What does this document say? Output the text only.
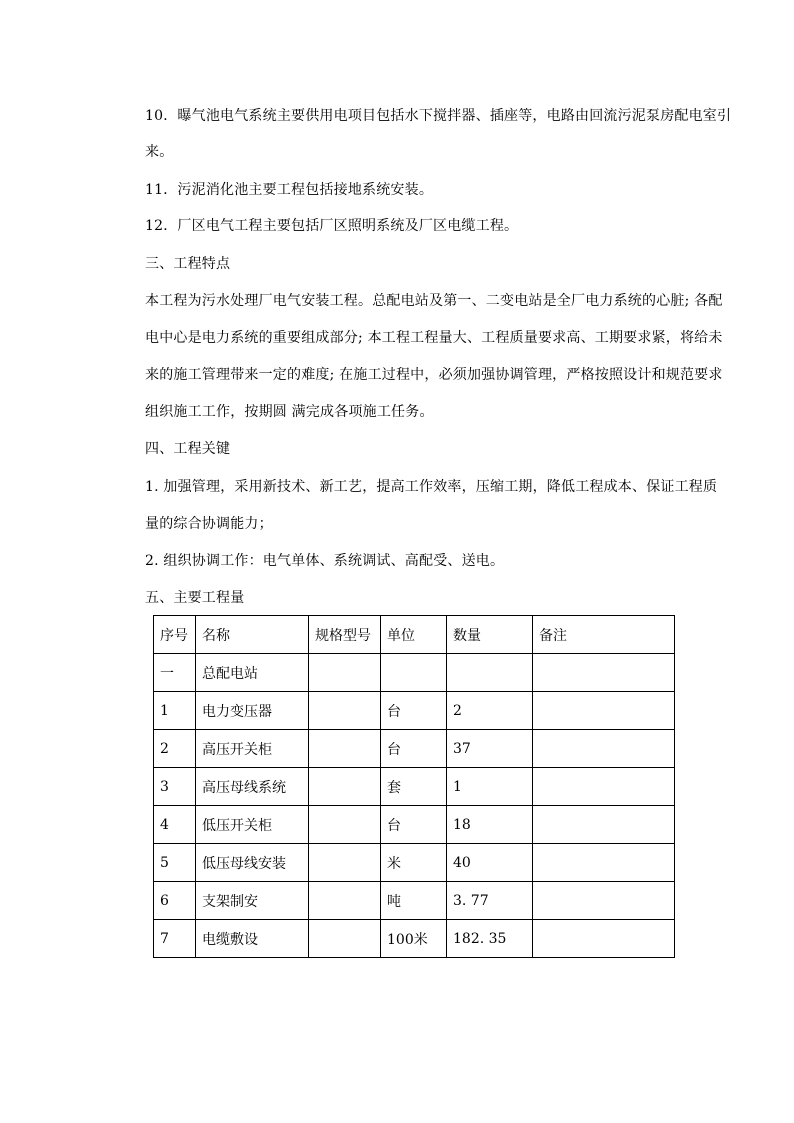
10．曝气池电气系统主要供用电项目包括水下搅拌器、插座等，电路由回流污泥泵房配电室引
来。
11．污泥消化池主要工程包括接地系统安装。
12．厂区电气工程主要包括厂区照明系统及厂区电缆工程。
三、工程特点
本工程为污水处理厂电气安装工程。总配电站及第一、二变电站是全厂电力系统的心脏; 各配
电中心是电力系统的重要组成部分; 本工程工程量大、工程质量要求高、工期要求紧，将给未
来的施工管理带来一定的难度; 在施工过程中，必须加强协调管理，严格按照设计和规范要求
组织施工工作，按期圆 满完成各项施工任务。
四、工程关键
1. 加强管理，采用新技术、新工艺，提高工作效率，压缩工期，降低工程成本、保证工程质
量的综合协调能力；
2. 组织协调工作：电气单体、系统调试、高配受、送电。
五、主要工程量
序号	名称	规格型号	单位	数量	备注
一	总配电站				
1	电力变压器		台	2	
2	高压开关柜		台	37	
3	高压母线系统		套	1	
4	低压开关柜		台	18	
5	低压母线安装		米	40	
6	支架制安		吨	3. 77	
7	电缆敷设		100米	182. 35	
